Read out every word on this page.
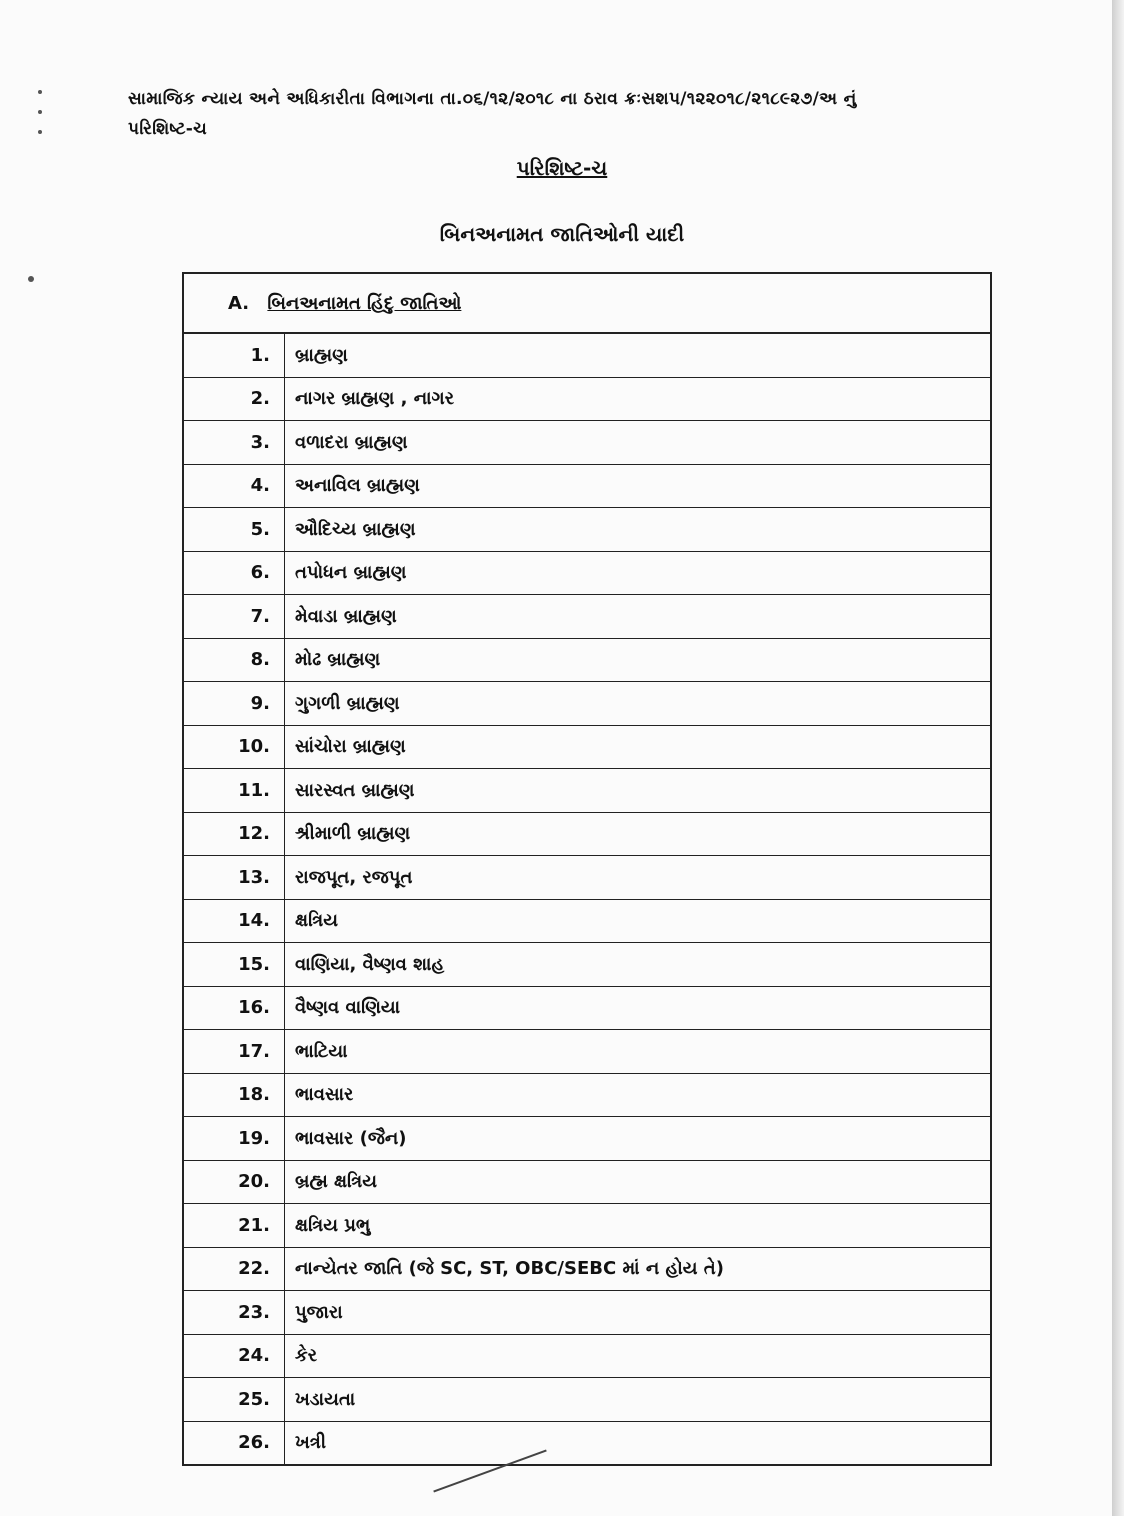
સામાજિક ન્યાય અને અધિકારીતા વિભાગના તા.૦૬/૧૨/૨૦૧૮ ના ઠરાવ ક્રઃસશપ/૧૨૨૦૧૮/૨૧૮૯૨૭/અ નું
પરિશિષ્ટ-ચ
પરિશિષ્ટ-ચ
બિનઅનામત જાતિઓની યાદી
A. બિનઅનામત હિંદુ જાતિઓ	
1.	બ્રાહ્મણ
2.	નાગર બ્રાહ્મણ , નાગર
3.	વળાદરા બ્રાહ્મણ
4.	અનાવિલ બ્રાહ્મણ
5.	ઔદિચ્ય બ્રાહ્મણ
6.	તપોધન બ્રાહ્મણ
7.	મેવાડા બ્રાહ્મણ
8.	મોઢ બ્રાહ્મણ
9.	ગુગળી બ્રાહ્મણ
10.	સાંચોરા બ્રાહ્મણ
11.	સારસ્વત બ્રાહ્મણ
12.	શ્રીમાળી બ્રાહ્મણ
13.	રાજપૂત, રજપૂત
14.	ક્ષત્રિય
15.	વાણિયા, વૈષ્ણવ શાહ
16.	વૈષ્ણવ વાણિયા
17.	ભાટિયા
18.	ભાવસાર
19.	ભાવસાર (જૈન)
20.	બ્રહ્મ ક્ષત્રિય
21.	ક્ષત્રિય પ્રભુ
22.	નાન્યેતર જાતિ (જે SC, ST, OBC/SEBC માં ન હોય તે)
23.	પુજારા
24.	કેર
25.	ખડાયતા
26.	ખત્રી
